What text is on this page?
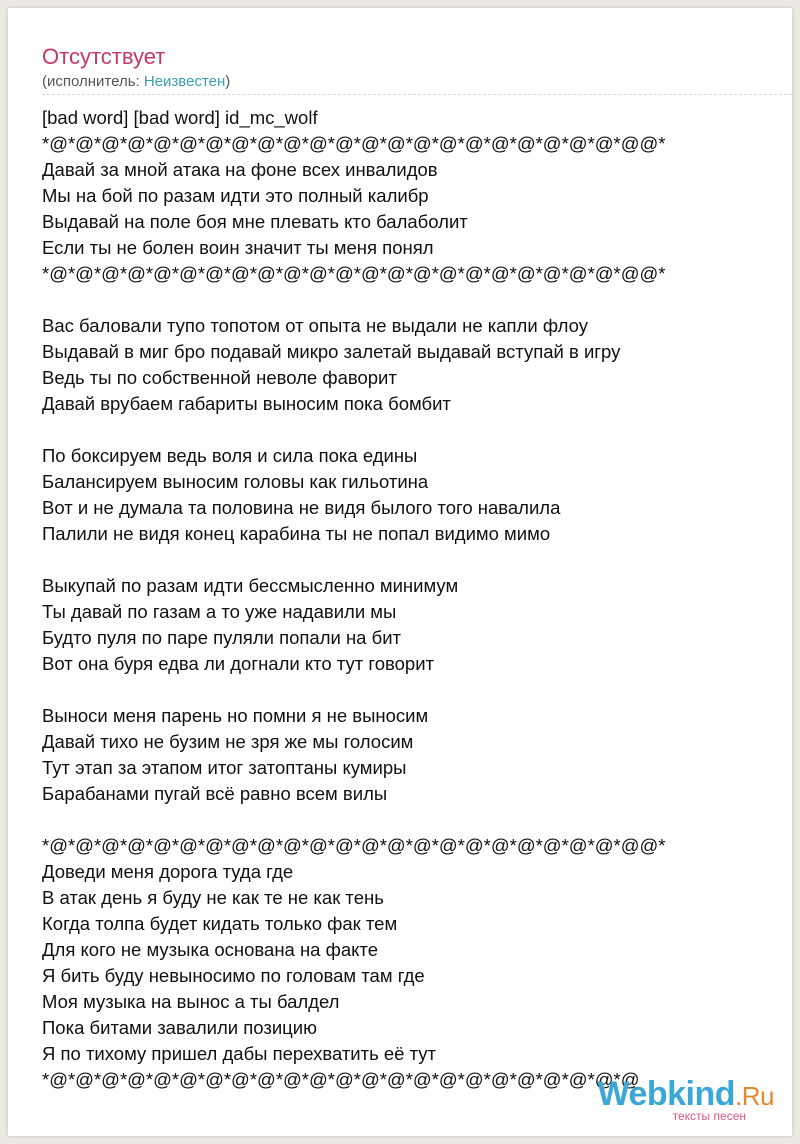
Отсутствует
(исполнитель: Неизвестен)
[bad word] [bad word] id_mc_wolf
*@*@*@*@*@*@*@*@*@*@*@*@*@*@*@*@*@*@*@*@*@*@*@@*
Давай за мной атака на фоне всех инвалидов
Мы на бой по разам идти это полный калибр
Выдавай на поле боя мне плевать кто балаболит
Если ты не болен воин значит ты меня понял
*@*@*@*@*@*@*@*@*@*@*@*@*@*@*@*@*@*@*@*@*@*@*@@*
Вас баловали тупо топотом от опыта не выдали не капли флоу
Выдавай в миг бро подавай микро залетай выдавай вступай в игру
Ведь ты по собственной неволе фаворит
Давай врубаем габариты выносим пока бомбит
По боксируем ведь воля и сила пока едины
Балансируем выносим головы как гильотина
Вот и не думала та половина не видя былого того навалила
Палили не видя конец карабина ты не попал видимо мимо
Выкупай по разам идти бессмысленно минимум
Ты давай по газам а то уже надавили мы
Будто пуля по паре пуляли попали на бит
Вот она буря едва ли догнали кто тут говорит
Выноси меня парень но помни я не выносим
Давай тихо не бузим не зря же мы голосим
Тут этап за этапом итог затоптаны кумиры
Барабанами пугай всё равно всем вилы
*@*@*@*@*@*@*@*@*@*@*@*@*@*@*@*@*@*@*@*@*@*@*@@*
Доведи меня дорога туда где
В атак день я буду не как те не как тень
Когда толпа будет кидать только фак тем
Для кого не музыка основана на факте
Я бить буду невыносимо по головам там где
Моя музыка на вынос а ты балдел
Пока битами завалили позицию
Я по тихому пришел дабы перехватить её тут
*@*@*@*@*@*@*@*@*@*@*@*@*@*@*@*@*@*@*@*@*@*@*@
Webkind.Ru
тексты песен
